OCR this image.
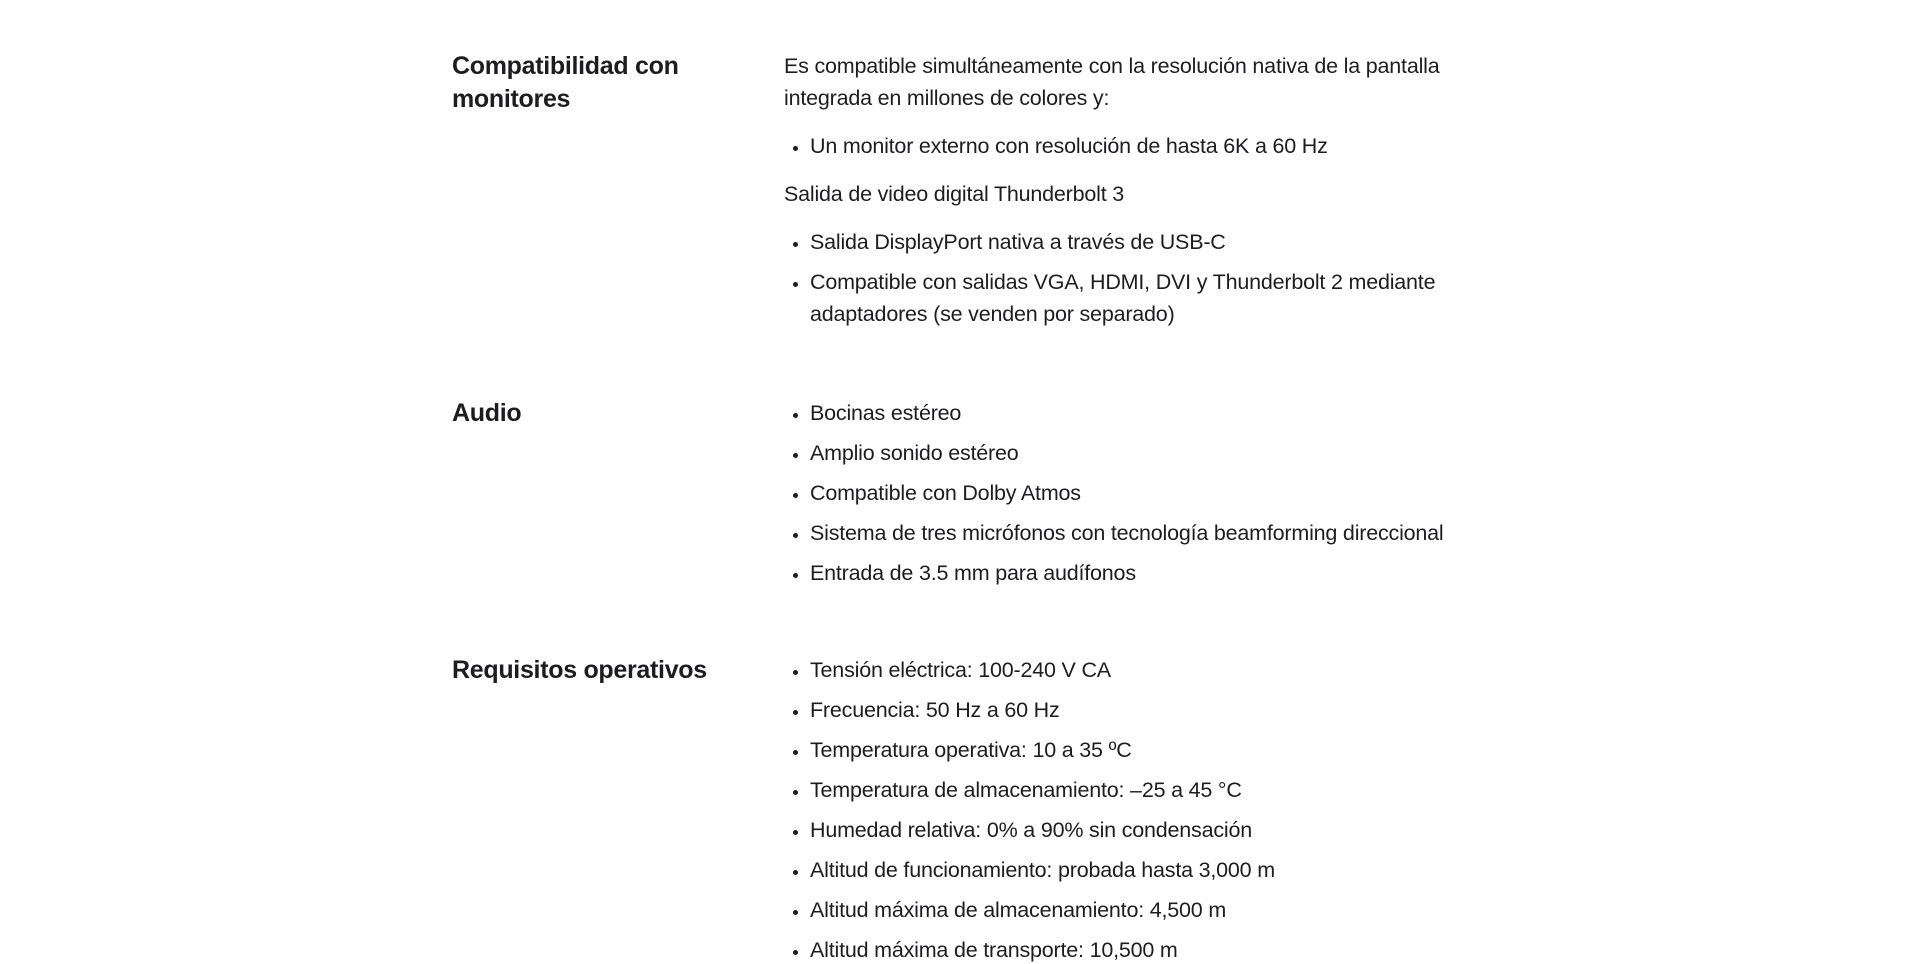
Compatibilidad con monitores

Es compatible simultáneamente con la resolución nativa de la pantalla integrada en millones de colores y:

• Un monitor externo con resolución de hasta 6K a 60 Hz

Salida de video digital Thunderbolt 3

• Salida DisplayPort nativa a través de USB-C
• Compatible con salidas VGA, HDMI, DVI y Thunderbolt 2 mediante adaptadores (se venden por separado)
Audio	• Bocinas estéreo
• Amplio sonido estéreo
• Compatible con Dolby Atmos
• Sistema de tres micrófonos con tecnología beamforming direccional
• Entrada de 3.5 mm para audífonos
Requisitos operativos	• Tensión eléctrica: 100-240 V CA
• Frecuencia: 50 Hz a 60 Hz
• Temperatura operativa: 10 a 35 ºC
• Temperatura de almacenamiento: –25 a 45 °C
• Humedad relativa: 0% a 90% sin condensación
• Altitud de funcionamiento: probada hasta 3,000 m
• Altitud máxima de almacenamiento: 4,500 m
• Altitud máxima de transporte: 10,500 m
